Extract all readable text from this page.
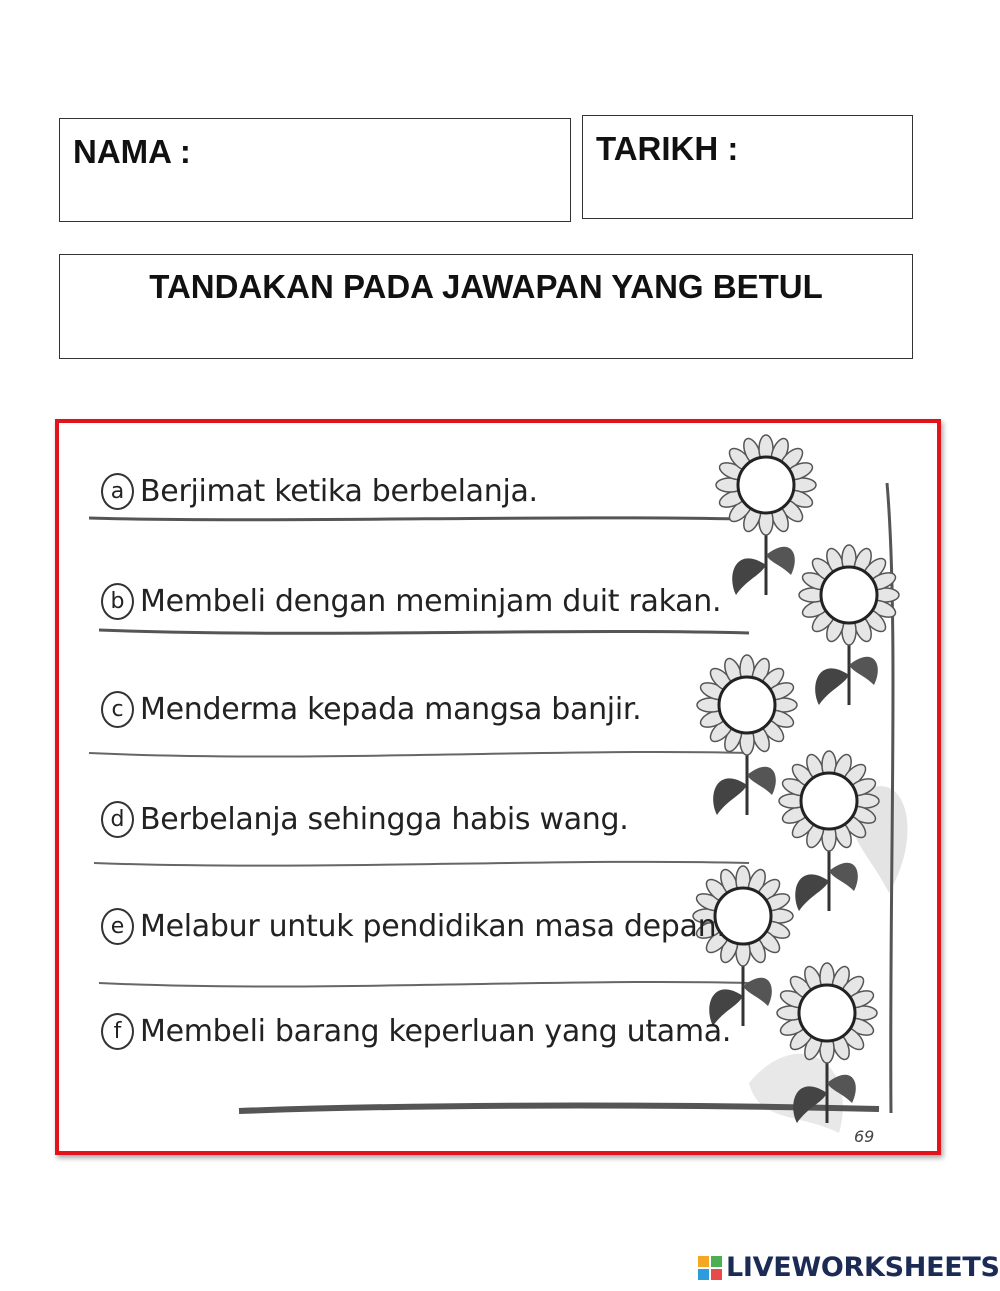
NAMA :	TARIKH :
TANDAKAN PADA JAWAPAN YANG BETUL
a Berjimat ketika berbelanja.
b Membeli dengan meminjam duit rakan.
c Menderma kepada mangsa banjir.
d Berbelanja sehingga habis wang.
e Melabur untuk pendidikan masa depan.
f Membeli barang keperluan yang utama.
69
LIVEWORKSHEETS
